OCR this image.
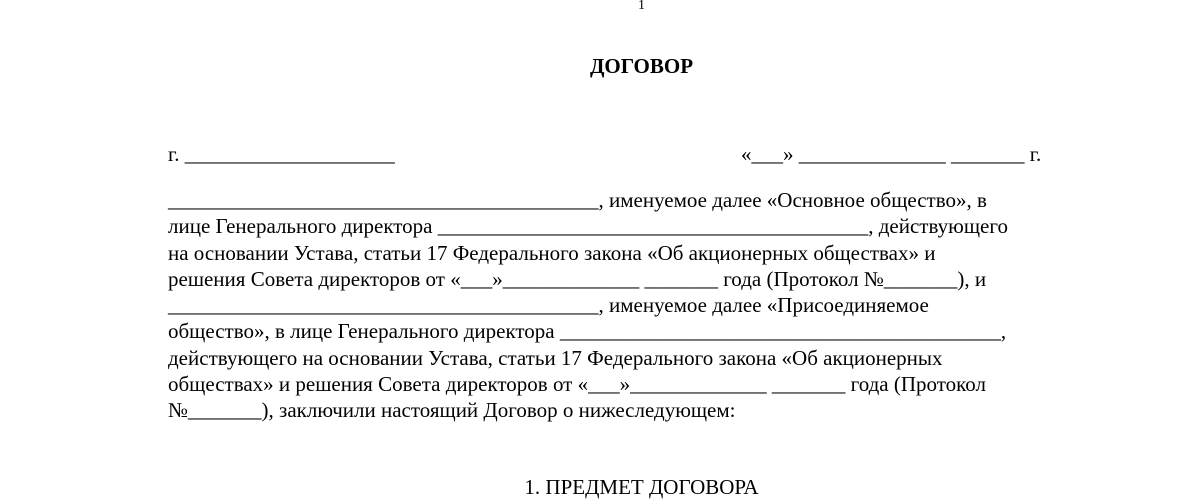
1
ДОГОВОР
г. ____________________	«___» ______________ _______ г.
_________________________________________, именуемое далее «Основное общество», в
лице Генерального директора _________________________________________, действующего
на основании Устава, статьи 17 Федерального закона «Об акционерных обществах» и
решения Совета директоров от «___»_____________ _______ года (Протокол №_______), и
_________________________________________, именуемое далее «Присоединяемое
общество», в лице Генерального директора __________________________________________,
действующего на основании Устава, статьи 17 Федерального закона «Об акционерных
обществах» и решения Совета директоров от «___»_____________ _______ года (Протокол
№_______), заключили настоящий Договор о нижеследующем:
1. ПРЕДМЕТ ДОГОВОРА
